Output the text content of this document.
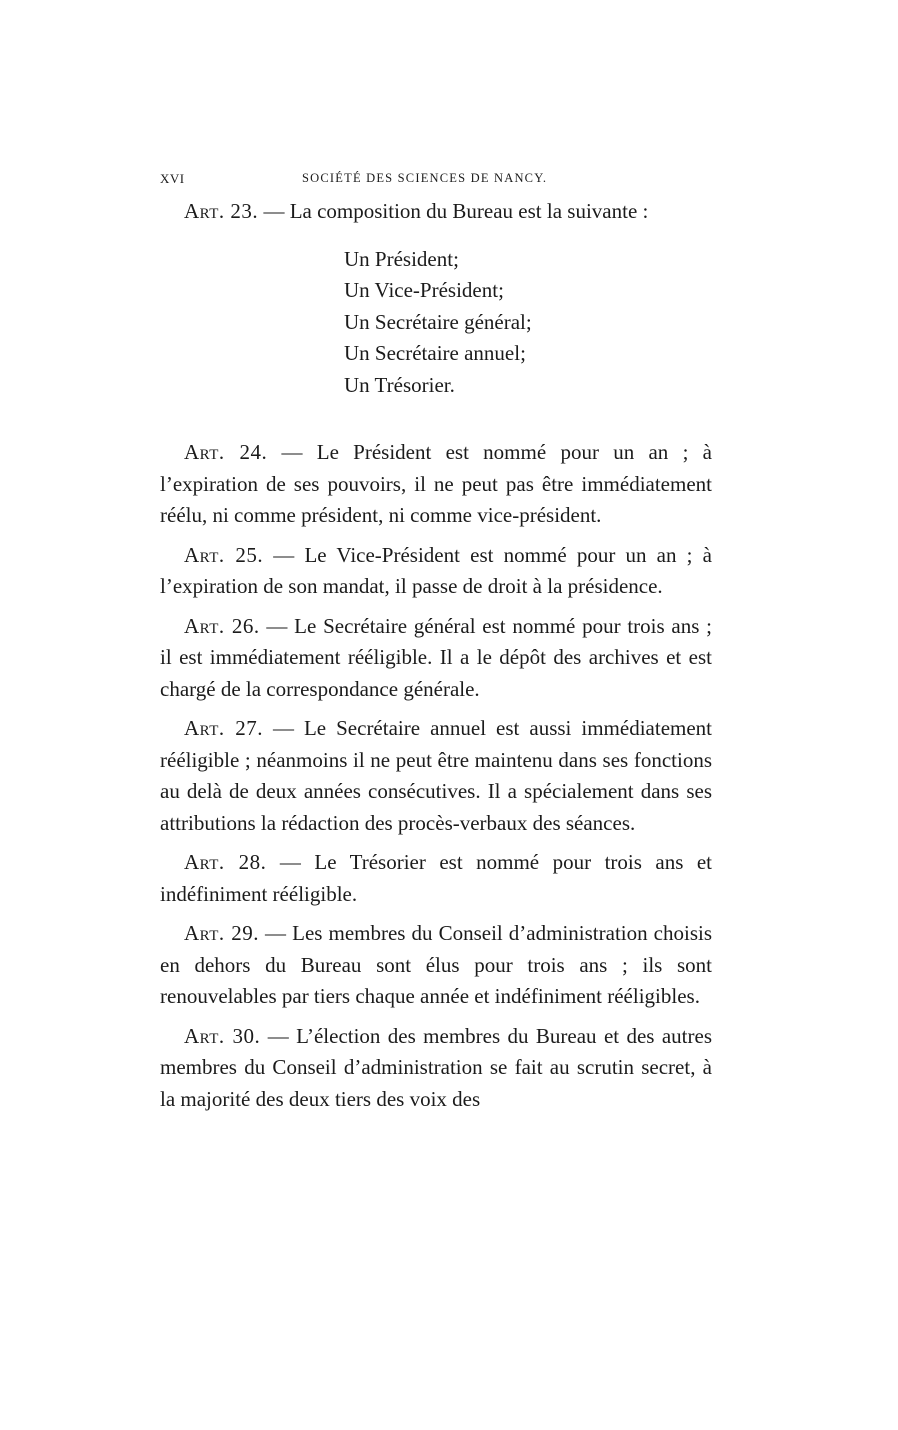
XVI	SOCIÉTÉ DES SCIENCES DE NANCY.

Art. 23. — La composition du Bureau est la suivante :

Un Président;
Un Vice-Président;
Un Secrétaire général;
Un Secrétaire annuel;
Un Trésorier.

Art. 24. — Le Président est nommé pour un an ; à l’expiration de ses pouvoirs, il ne peut pas être immédiatement réélu, ni comme président, ni comme vice-président.

Art. 25. — Le Vice-Président est nommé pour un an ; à l’expiration de son mandat, il passe de droit à la présidence.

Art. 26. — Le Secrétaire général est nommé pour trois ans ; il est immédiatement rééligible. Il a le dépôt des archives et est chargé de la correspondance générale.

Art. 27. — Le Secrétaire annuel est aussi immédiatement rééligible ; néanmoins il ne peut être maintenu dans ses fonctions au delà de deux années consécutives. Il a spécialement dans ses attributions la rédaction des procès-verbaux des séances.

Art. 28. — Le Trésorier est nommé pour trois ans et indéfiniment rééligible.

Art. 29. — Les membres du Conseil d’administration choisis en dehors du Bureau sont élus pour trois ans ; ils sont renouvelables par tiers chaque année et indéfiniment rééligibles.

Art. 30. — L’élection des membres du Bureau et des autres membres du Conseil d’administration se fait au scrutin secret, à la majorité des deux tiers des voix des
